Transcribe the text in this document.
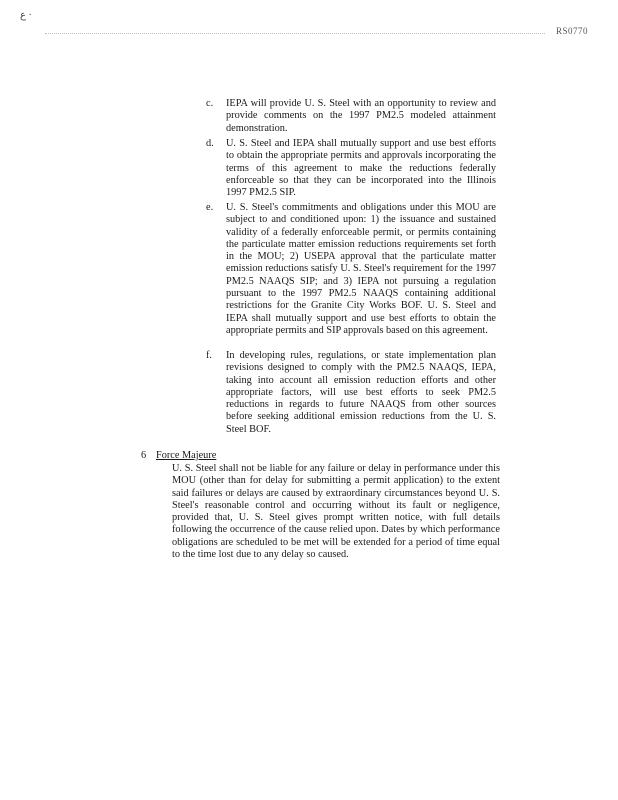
ع ·
RS0770
c. IEPA will provide U. S. Steel with an opportunity to review and provide comments on the 1997 PM2.5 modeled attainment demonstration.
d. U. S. Steel and IEPA shall mutually support and use best efforts to obtain the appropriate permits and approvals incorporating the terms of this agreement to make the reductions federally enforceable so that they can be incorporated into the Illinois 1997 PM2.5 SIP.
e. U. S. Steel's commitments and obligations under this MOU are subject to and conditioned upon: 1) the issuance and sustained validity of a federally enforceable permit, or permits containing the particulate matter emission reductions requirements set forth in the MOU; 2) USEPA approval that the particulate matter emission reductions satisfy U. S. Steel's requirement for the 1997 PM2.5 NAAQS SIP; and 3) IEPA not pursuing a regulation pursuant to the 1997 PM2.5 NAAQS containing additional restrictions for the Granite City Works BOF. U. S. Steel and IEPA shall mutually support and use best efforts to obtain the appropriate permits and SIP approvals based on this agreement.
f. In developing rules, regulations, or state implementation plan revisions designed to comply with the PM2.5 NAAQS, IEPA, taking into account all emission reduction efforts and other appropriate factors, will use best efforts to seek PM2.5 reductions in regards to future NAAQS from other sources before seeking additional emission reductions from the U. S. Steel BOF.
6 Force Majeure
U. S. Steel shall not be liable for any failure or delay in performance under this MOU (other than for delay for submitting a permit application) to the extent said failures or delays are caused by extraordinary circumstances beyond U. S. Steel's reasonable control and occurring without its fault or negligence, provided that, U. S. Steel gives prompt written notice, with full details following the occurrence of the cause relied upon. Dates by which performance obligations are scheduled to be met will be extended for a period of time equal to the time lost due to any delay so caused.
